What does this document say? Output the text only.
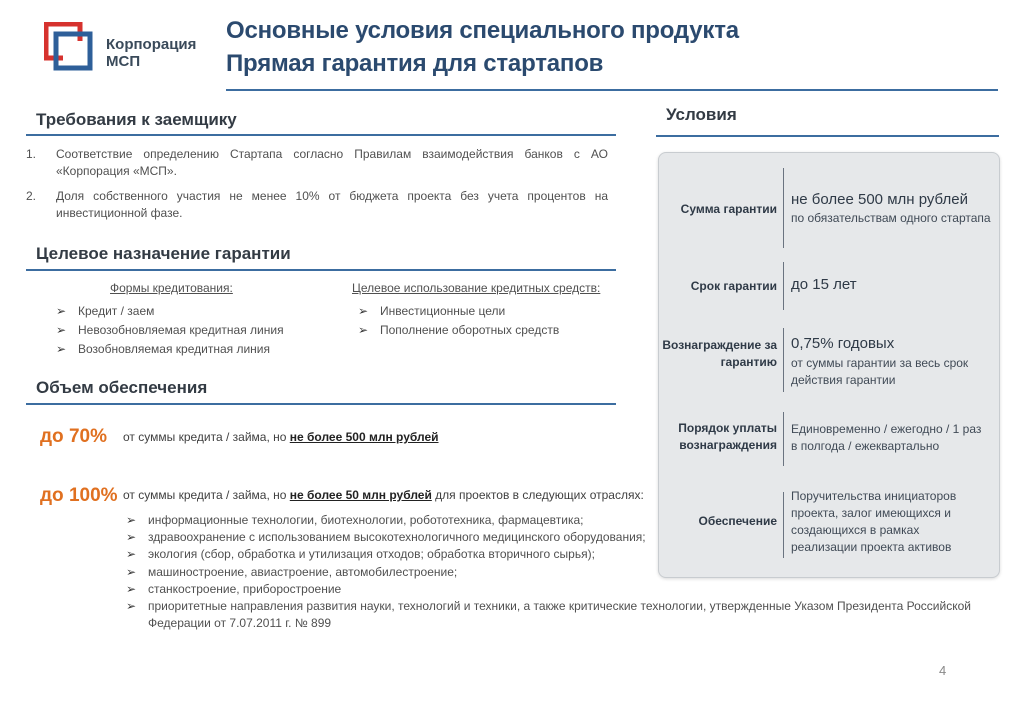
Корпорация
МСП
Основные условия специального продукта
Прямая гарантия для стартапов
Требования к заемщику
1. Соответствие определению Стартапа согласно Правилам взаимодействия банков с АО «Корпорация «МСП».
2. Доля собственного участия не менее 10% от бюджета проекта без учета процентов на инвестиционной фазе.
Целевое назначение гарантии
Формы кредитования:
➢ Кредит / заем
➢ Невозобновляемая кредитная линия
➢ Возобновляемая кредитная линия
Целевое использование кредитных средств:
➢ Инвестиционные цели
➢ Пополнение оборотных средств
Объем обеспечения
до 70% от суммы кредита / займа, но не более 500 млн рублей
до 100% от суммы кредита / займа, но не более 50 млн рублей для проектов в следующих отраслях:
➢ информационные технологии, биотехнологии, робототехника, фармацевтика;
➢ здравоохранение с использованием высокотехнологичного медицинского оборудования;
➢ экология (сбор, обработка и утилизация отходов; обработка вторичного сырья);
➢ машиностроение, авиастроение, автомобилестроение;
➢ станкостроение, приборостроение
➢ приоритетные направления развития науки, технологий и техники, а также критические технологии, утвержденные Указом Президента Российской Федерации от 7.07.2011 г. № 899
Условия
Сумма гарантии
не более 500 млн рублей
по обязательствам одного стартапа
Срок гарантии до 15 лет
Вознаграждение за гарантию
0,75% годовых
от суммы гарантии за весь срок действия гарантии
Порядок уплаты вознаграждения
Единовременно / ежегодно / 1 раз в полгода / ежеквартально
Обеспечение
Поручительства инициаторов проекта, залог имеющихся и создающихся в рамках реализации проекта активов
4
